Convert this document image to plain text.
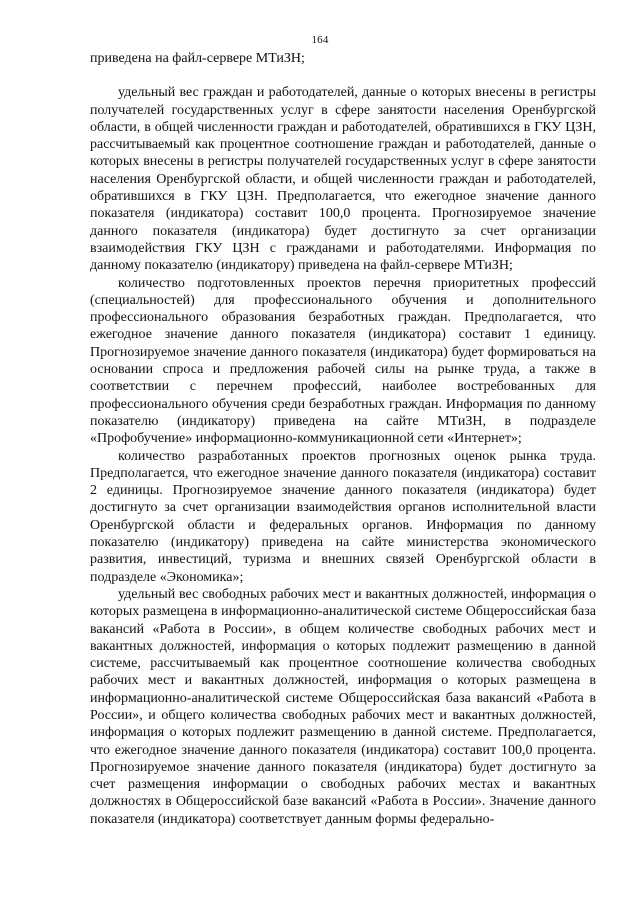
164

приведена на файл-сервере МТиЗН;

удельный вес граждан и работодателей, данные о которых внесены в регистры получателей государственных услуг в сфере занятости населения Оренбургской области, в общей численности граждан и работодателей, обратившихся в ГКУ ЦЗН, рассчитываемый как процентное соотношение граждан и работодателей, данные о которых внесены в регистры получателей государственных услуг в сфере занятости населения Оренбургской области, и общей численности граждан и работодателей, обратившихся в ГКУ ЦЗН. Предполагается, что ежегодное значение данного показателя (индикатора) составит 100,0 процента. Прогнозируемое значение данного показателя (индикатора) будет достигнуто за счет организации взаимодействия ГКУ ЦЗН с гражданами и работодателями. Информация по данному показателю (индикатору) приведена на файл-сервере МТиЗН;

количество подготовленных проектов перечня приоритетных профессий (специальностей) для профессионального обучения и дополнительного профессионального образования безработных граждан. Предполагается, что ежегодное значение данного показателя (индикатора) составит 1 единицу. Прогнозируемое значение данного показателя (индикатора) будет формироваться на основании спроса и предложения рабочей силы на рынке труда, а также в соответствии с перечнем профессий, наиболее востребованных для профессионального обучения среди безработных граждан. Информация по данному показателю (индикатору) приведена на сайте МТиЗН, в подразделе «Профобучение» информационно-коммуникационной сети «Интернет»;

количество разработанных проектов прогнозных оценок рынка труда. Предполагается, что ежегодное значение данного показателя (индикатора) составит 2 единицы. Прогнозируемое значение данного показателя (индикатора) будет достигнуто за счет организации взаимодействия органов исполнительной власти Оренбургской области и федеральных органов. Информация по данному показателю (индикатору) приведена на сайте министерства экономического развития, инвестиций, туризма и внешних связей Оренбургской области в подразделе «Экономика»;

удельный вес свободных рабочих мест и вакантных должностей, информация о которых размещена в информационно-аналитической системе Общероссийская база вакансий «Работа в России», в общем количестве свободных рабочих мест и вакантных должностей, информация о которых подлежит размещению в данной системе, рассчитываемый как процентное соотношение количества свободных рабочих мест и вакантных должностей, информация о которых размещена в информационно-аналитической системе Общероссийская база вакансий «Работа в России», и общего количества свободных рабочих мест и вакантных должностей, информация о которых подлежит размещению в данной системе. Предполагается, что ежегодное значение данного показателя (индикатора) составит 100,0 процента. Прогнозируемое значение данного показателя (индикатора) будет достигнуто за счет размещения информации о свободных рабочих местах и вакантных должностях в Общероссийской базе вакансий «Работа в России». Значение данного показателя (индикатора) соответствует данным формы федерально-
